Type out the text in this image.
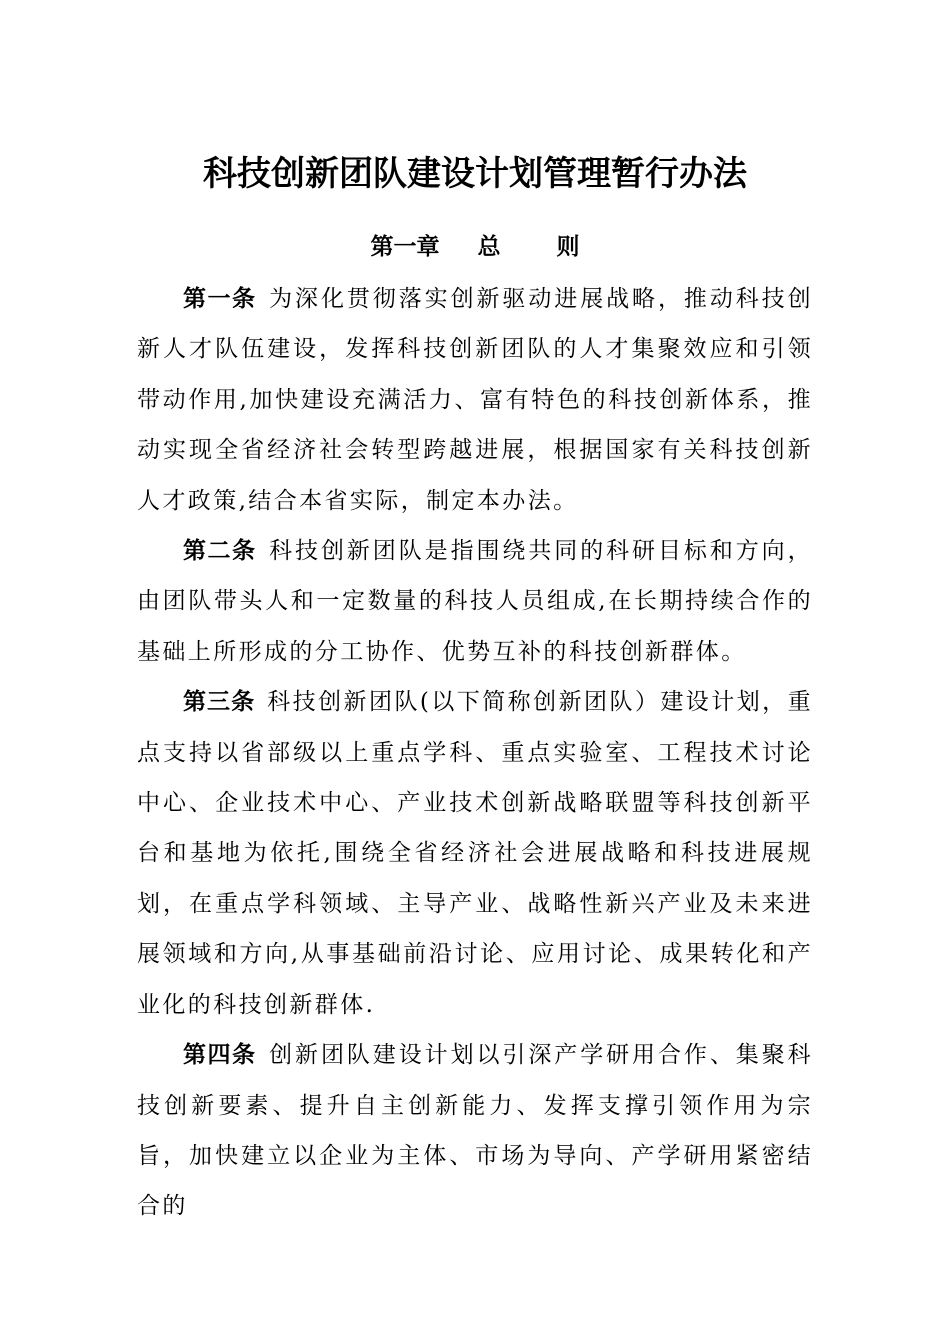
科技创新团队建设计划管理暂行办法
第一章 总 则

第一条 为深化贯彻落实创新驱动进展战略，推动科技创新人才队伍建设，发挥科技创新团队的人才集聚效应和引领带动作用,加快建设充满活力、富有特色的科技创新体系，推动实现全省经济社会转型跨越进展，根据国家有关科技创新人才政策,结合本省实际，制定本办法。

第二条 科技创新团队是指围绕共同的科研目标和方向，由团队带头人和一定数量的科技人员组成,在长期持续合作的基础上所形成的分工协作、优势互补的科技创新群体。

第三条 科技创新团队(以下简称创新团队）建设计划，重点支持以省部级以上重点学科、重点实验室、工程技术讨论中心、企业技术中心、产业技术创新战略联盟等科技创新平台和基地为依托,围绕全省经济社会进展战略和科技进展规划，在重点学科领域、主导产业、战略性新兴产业及未来进展领域和方向,从事基础前沿讨论、应用讨论、成果转化和产业化的科技创新群体.

第四条 创新团队建设计划以引深产学研用合作、集聚科技创新要素、提升自主创新能力、发挥支撑引领作用为宗旨，加快建立以企业为主体、市场为导向、产学研用紧密结合的
